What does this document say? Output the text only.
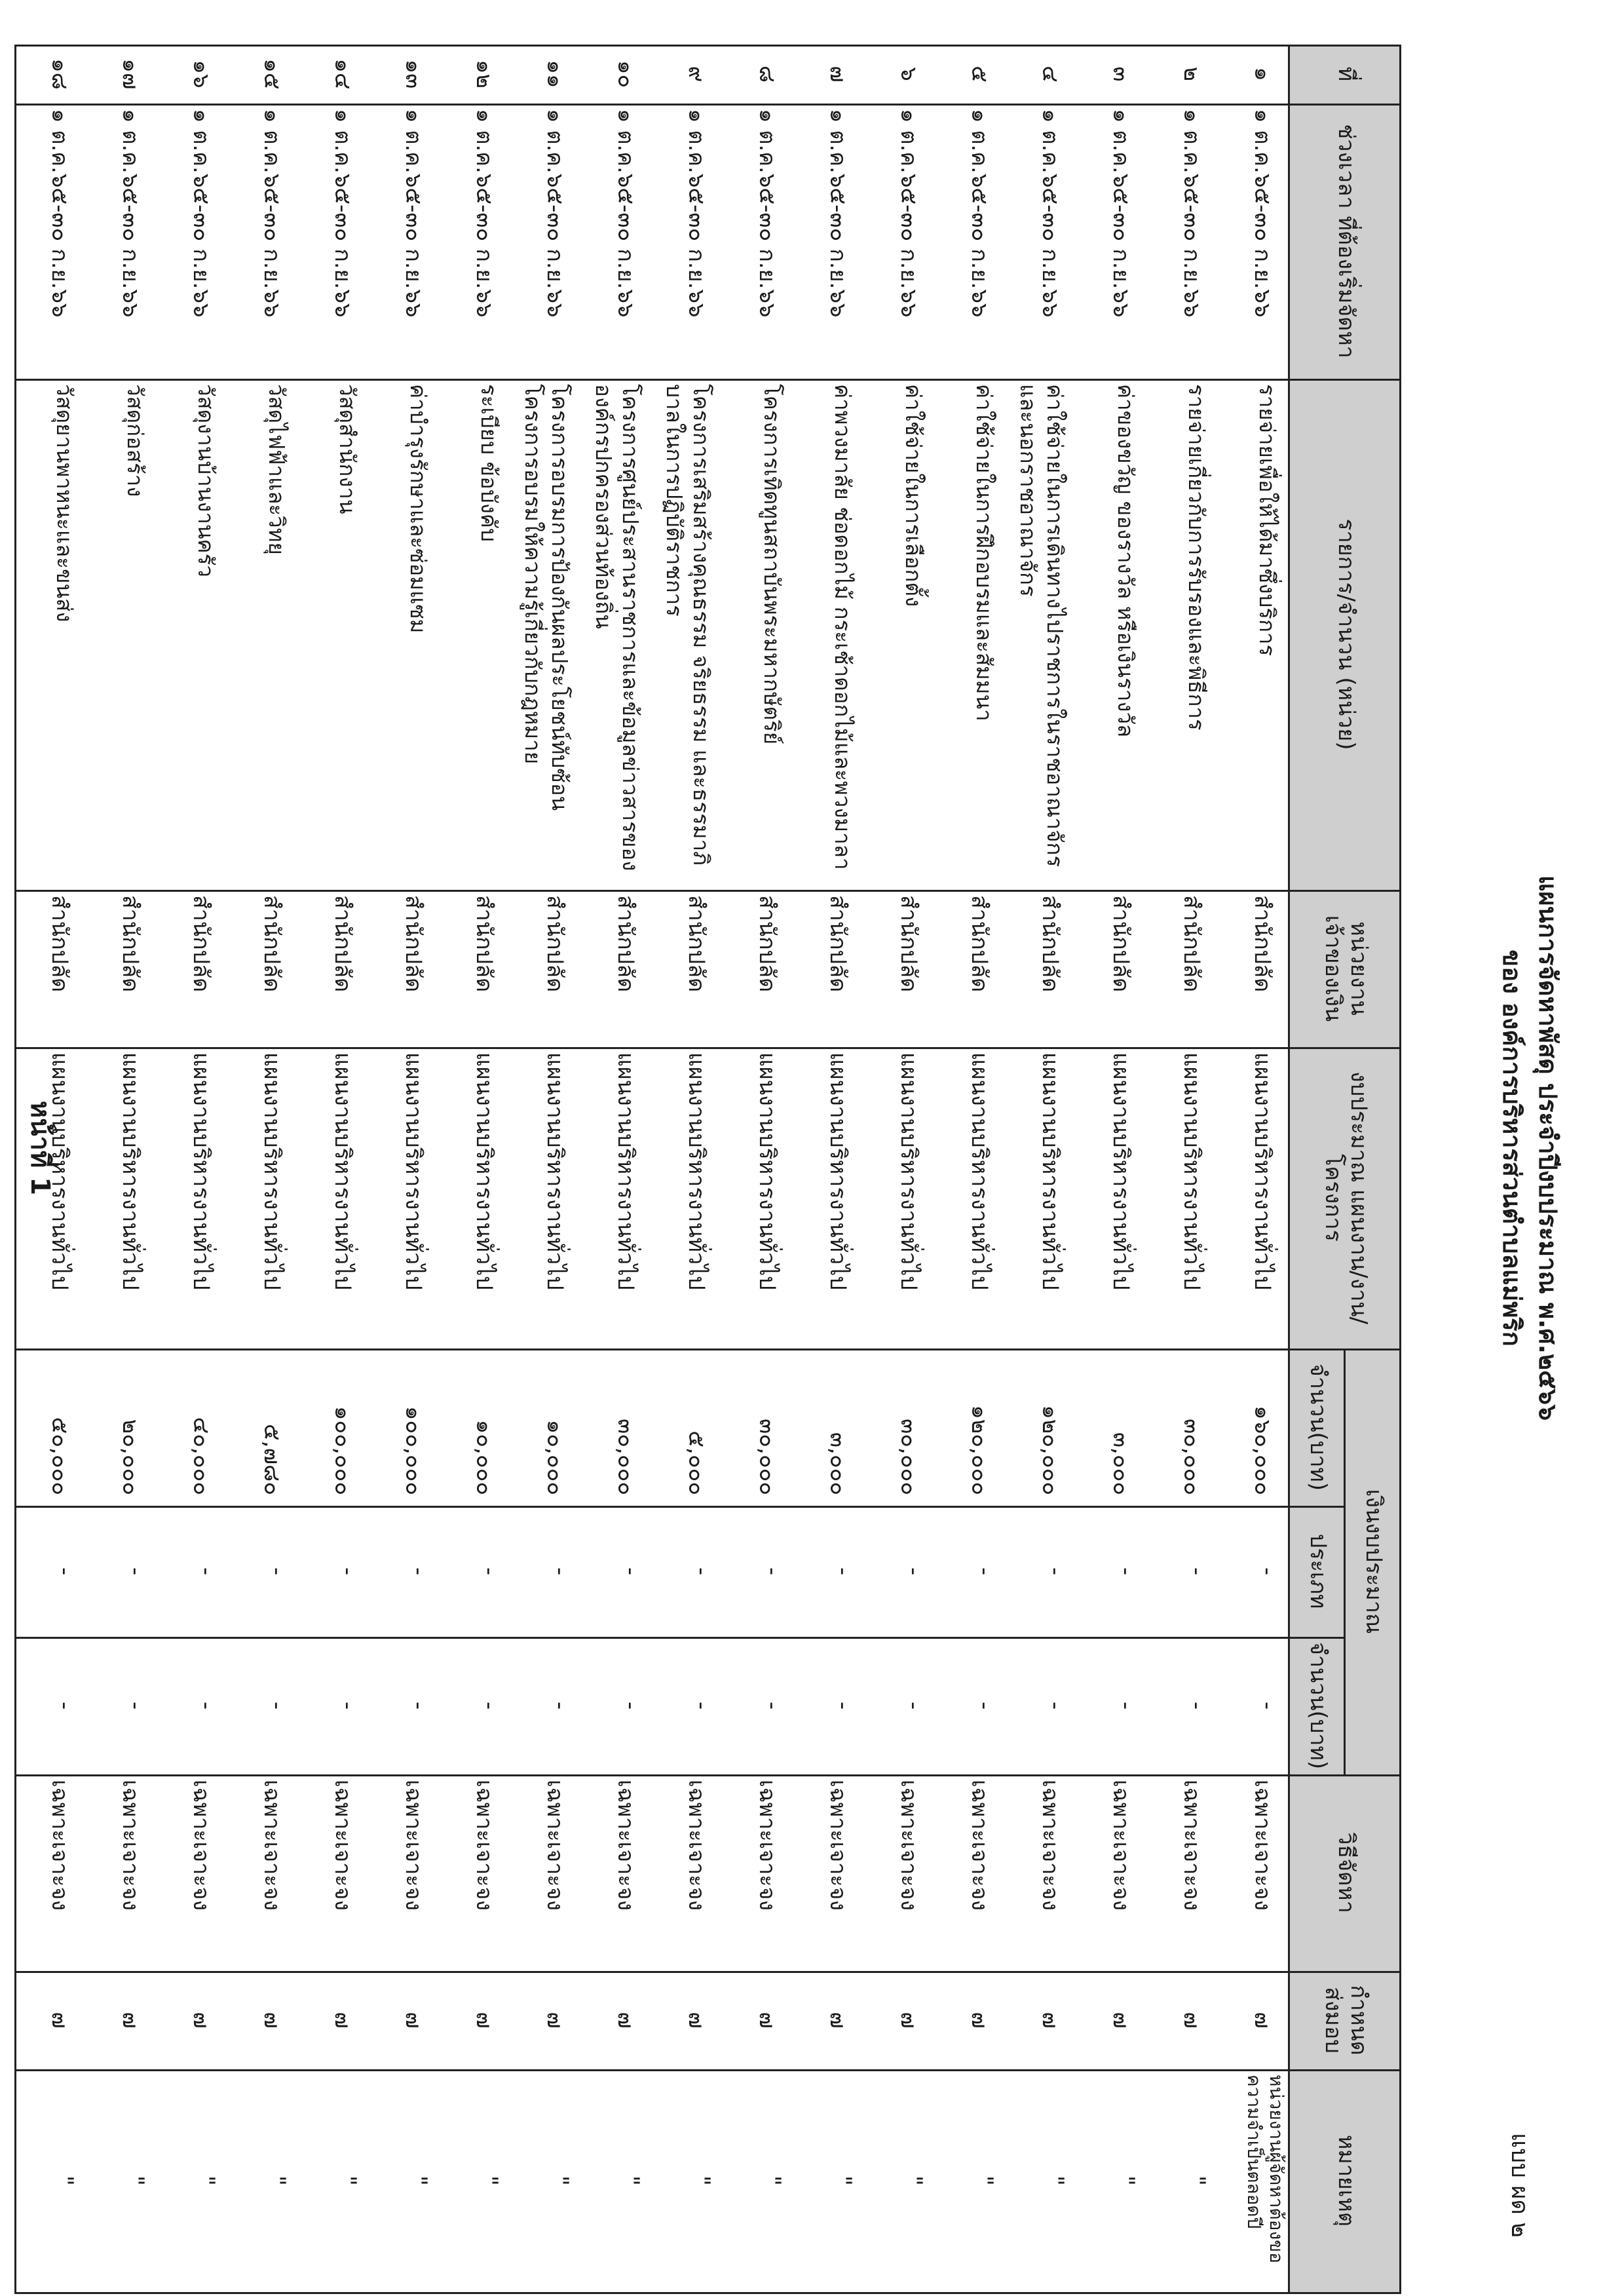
แบบ ผด ๒
แผนการจัดหาพัสดุ ประจำปีงบประมาณ พ.ศ.๒๕๖๖
ของ องค์การบริหารส่วนตำบลแม่พริก
ที่
ช่วงเวลา ที่ต้องเริ่มจัดหา
รายการ/จำนวน (หน่วย)
หน่วยงาน เจ้าของเงิน
งบประมาณ แผนงาน/งาน/โครงการ
วิธีจัดหา
กำหนด ส่งมอบ
หมายเหตุ
เงินงบประมาณ
จำนวน(บาท)
ประเภท
จำนวน(บาท)
๑
๑ ต.ค.๖๕-๓๐ ก.ย.๖๖
รายจ่ายเพื่อให้ได้มาซึ่งบริการ
สำนักปลัด
แผนงานบริหารงานทั่วไป
๑๖๐,๐๐๐
-
-
เฉพาะเจาะจง
๗
๒
๑ ต.ค.๖๕-๓๐ ก.ย.๖๖
รายจ่ายเกี่ยวกับการรับรองและพิธีการ
สำนักปลัด
แผนงานบริหารงานทั่วไป
๓๐,๐๐๐
-
-
เฉพาะเจาะจง
๗
"
๓
๑ ต.ค.๖๕-๓๐ ก.ย.๖๖
ค่าของขวัญ ของรางวัล หรือเงินรางวัล
สำนักปลัด
แผนงานบริหารงานทั่วไป
๓,๐๐๐
-
-
เฉพาะเจาะจง
๗
"
๔
๑ ต.ค.๖๕-๓๐ ก.ย.๖๖
ค่าใช้จ่ายในการเดินทางไปราชการในราชอาณาจักรและนอกราชอาณาจักร
สำนักปลัด
แผนงานบริหารงานทั่วไป
๑๒๐,๐๐๐
-
-
เฉพาะเจาะจง
๗
"
๕
๑ ต.ค.๖๕-๓๐ ก.ย.๖๖
ค่าใช้จ่ายในการฝึกอบรมและสัมมนา
สำนักปลัด
แผนงานบริหารงานทั่วไป
๑๒๐,๐๐๐
-
-
เฉพาะเจาะจง
๗
"
๖
๑ ต.ค.๖๕-๓๐ ก.ย.๖๖
ค่าใช้จ่ายในการเลือกตั้ง
สำนักปลัด
แผนงานบริหารงานทั่วไป
๓๐,๐๐๐
-
-
เฉพาะเจาะจง
๗
"
๗
๑ ต.ค.๖๕-๓๐ ก.ย.๖๖
ค่าพวงมาลัย ช่อดอกไม้ กระเช้าดอกไม้และพวงมาลา
สำนักปลัด
แผนงานบริหารงานทั่วไป
๓,๐๐๐
-
-
เฉพาะเจาะจง
๗
"
๘
๑ ต.ค.๖๕-๓๐ ก.ย.๖๖
โครงการเทิดทูนสถาบันพระมหากษัตริย์
สำนักปลัด
แผนงานบริหารงานทั่วไป
๓๐,๐๐๐
-
-
เฉพาะเจาะจง
๗
"
๙
๑ ต.ค.๖๕-๓๐ ก.ย.๖๖
โครงการเสริมสร้างคุณธรรม จริยธรรม และธรรมาภิบาลในการปฏิบัติราชการ
สำนักปลัด
แผนงานบริหารงานทั่วไป
๕,๐๐๐
-
-
เฉพาะเจาะจง
๗
"
๑๐
๑ ต.ค.๖๕-๓๐ ก.ย.๖๖
โครงการศูนย์ประสานราชการและข้อมูลข่าวสารขององค์กรปกครองส่วนท้องถิ่น
สำนักปลัด
แผนงานบริหารงานทั่วไป
๓๐,๐๐๐
-
-
เฉพาะเจาะจง
๗
"
๑๑
๑ ต.ค.๖๕-๓๐ ก.ย.๖๖
โครงการอบรมการป้องกันผลประโยชน์ทับซ้อนโครงการอบรมให้ความรู้เกี่ยวกับกฎหมาย
สำนักปลัด
แผนงานบริหารงานทั่วไป
๑๐,๐๐๐
-
-
เฉพาะเจาะจง
๗
"
๑๒
๑ ต.ค.๖๕-๓๐ ก.ย.๖๖
ระเบียบ ข้อบังคับ
สำนักปลัด
แผนงานบริหารงานทั่วไป
๑๐,๐๐๐
-
-
เฉพาะเจาะจง
๗
"
๑๓
๑ ต.ค.๖๕-๓๐ ก.ย.๖๖
ค่าบำรุงรักษาและซ่อมแซม
สำนักปลัด
แผนงานบริหารงานทั่วไป
๑๐๐,๐๐๐
-
-
เฉพาะเจาะจง
๗
"
๑๔
๑ ต.ค.๖๕-๓๐ ก.ย.๖๖
วัสดุสำนักงาน
สำนักปลัด
แผนงานบริหารงานทั่วไป
๑๐๐,๐๐๐
-
-
เฉพาะเจาะจง
๗
"
๑๕
๑ ต.ค.๖๕-๓๐ ก.ย.๖๖
วัสดุไฟฟ้าและวิทยุ
สำนักปลัด
แผนงานบริหารงานทั่วไป
๕,๗๘๐
-
-
เฉพาะเจาะจง
๗
"
๑๖
๑ ต.ค.๖๕-๓๐ ก.ย.๖๖
วัสดุงานบ้านงานครัว
สำนักปลัด
แผนงานบริหารงานทั่วไป
๔๐,๐๐๐
-
-
เฉพาะเจาะจง
๗
"
๑๗
๑ ต.ค.๖๕-๓๐ ก.ย.๖๖
วัสดุก่อสร้าง
สำนักปลัด
แผนงานบริหารงานทั่วไป
๒๐,๐๐๐
-
-
เฉพาะเจาะจง
๗
"
๑๘
๑ ต.ค.๖๕-๓๐ ก.ย.๖๖
วัสดุยานพาหนะและขนส่ง
สำนักปลัด
แผนงานบริหารงานทั่วไป
๕๐,๐๐๐
-
-
เฉพาะเจาะจง
๗
"	หน่วยงานผู้จัดหาต้องขอความจำเป็นตลอดปี
หน้าที่ 1
